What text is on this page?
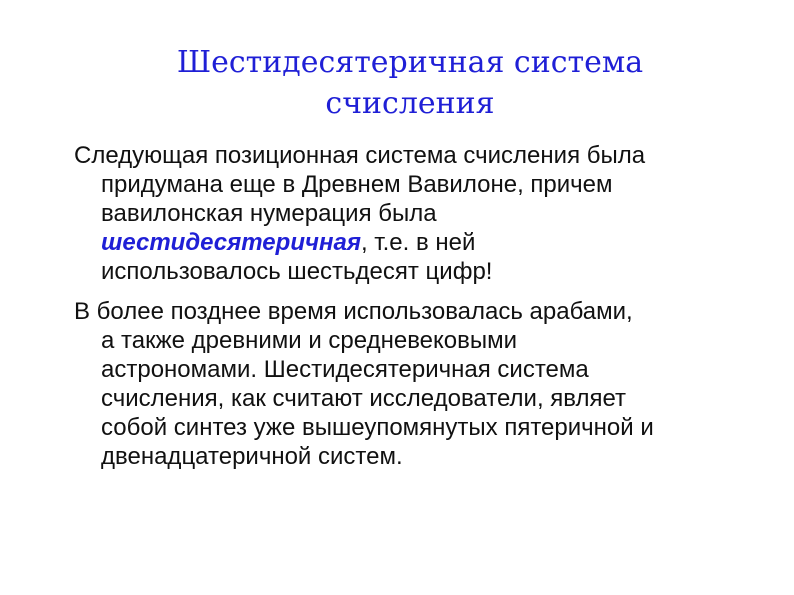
Шестидесятеричная система
счисления

Следующая позиционная система счисления была
придумана еще в Древнем Вавилоне, причем
вавилонская нумерация была
шестидесятеричная, т.е. в ней
использовалось шестьдесят цифр!

В более позднее время использовалась арабами,
а также древними и средневековыми
астрономами. Шестидесятеричная система
счисления, как считают исследователи, являет
собой синтез уже вышеупомянутых пятеричной и
двенадцатеричной систем.
